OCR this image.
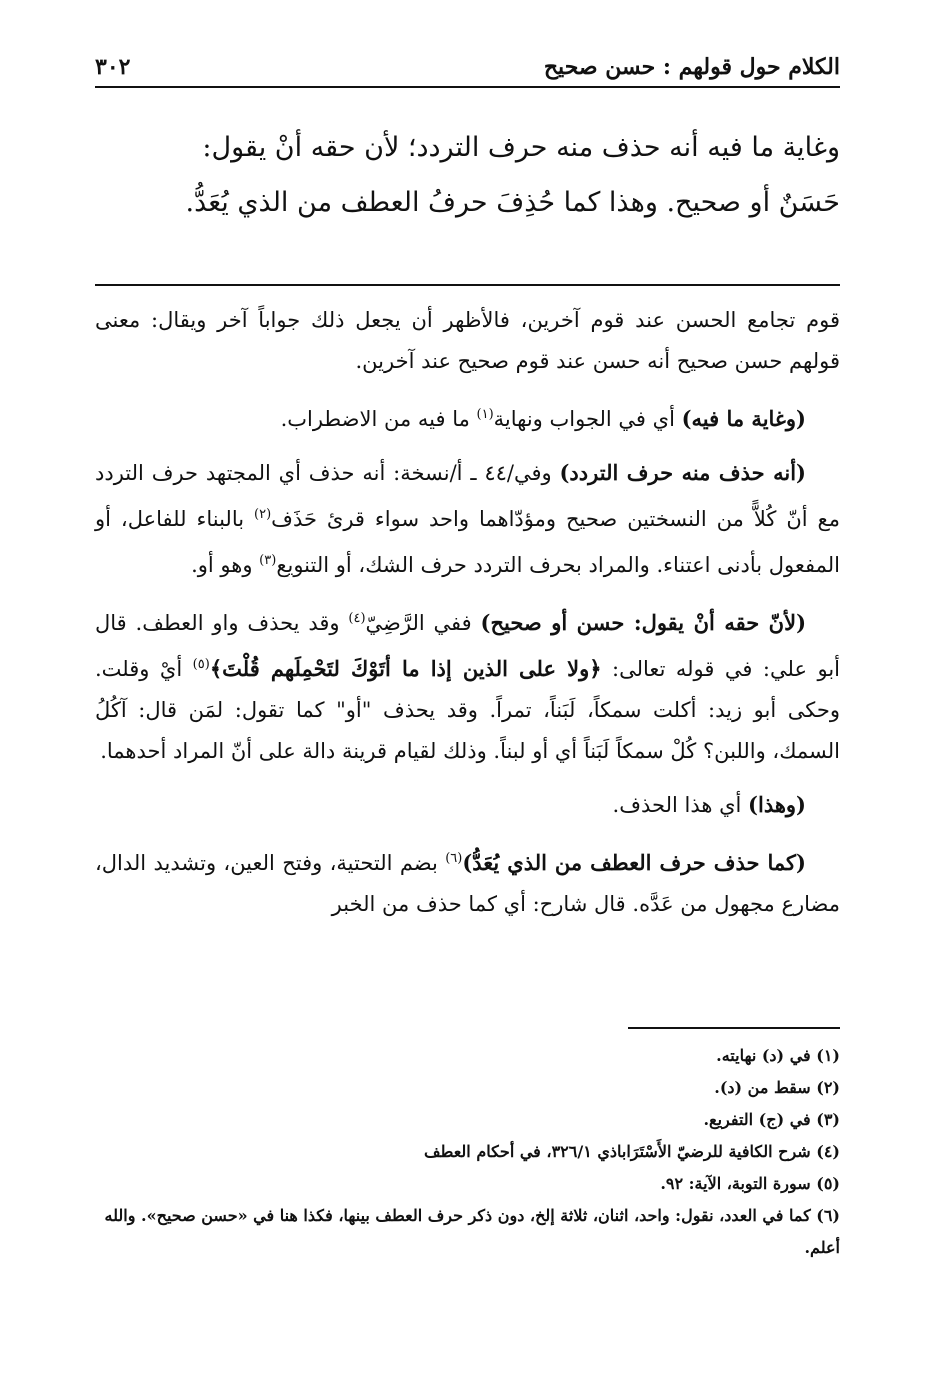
٣٠٢	الكلام حول قولهم : حسن صحيح
وغاية ما فيه أنه حذف منه حرف التردد؛ لأن حقه أنْ يقول:
حَسَنٌ أو صحيح. وهذا كما حُذِفَ حرفُ العطف من الذي يُعَدُّ.

قوم تجامع الحسن عند قوم آخرين، فالأظهر أن يجعل ذلك جواباً آخر ويقال: معنى قولهم حسن صحيح أنه حسن عند قوم صحيح عند آخرين.

(وغاية ما فيه) أي في الجواب ونهاية$^{(١)}$ ما فيه من الاضطراب.

(أنه حذف منه حرف التردد) وفي/٤٤ ـ أ/نسخة: أنه حذف أي المجتهد حرف التردد مع أنّ كُلاًّ من النسختين صحيح ومؤدّاهما واحد سواء قرئ حَذَف$^{(٢)}$ بالبناء للفاعل، أو المفعول بأدنى اعتناء. والمراد بحرف التردد حرف الشك، أو التنويع$^{(٣)}$ وهو أو.

(لأنّ حقه أنْ يقول: حسن أو صحيح) ففي الرَّضِيّ$^{(٤)}$ وقد يحذف واو العطف. قال أبو علي: في قوله تعالى: ﴿ولا على الذين إذا ما أتَوْكَ لتَحْمِلَهم قُلْتَ﴾$^{(٥)}$ أيْ وقلت. وحكى أبو زيد: أكلت سمكاً، لَبَناً، تمراً. وقد يحذف "أو" كما تقول: لمَن قال: آكُلُ السمك، واللبن؟ كُلْ سمكاً لَبَناً أي أو لبناً. وذلك لقيام قرينة دالة على أنّ المراد أحدهما.

(وهذا) أي هذا الحذف.

(كما حذف حرف العطف من الذي يُعَدُّ)$^{(٦)}$ بضم التحتية، وفتح العين، وتشديد الدال، مضارع مجهول من عَدَّه. قال شارح: أي كما حذف من الخبر

(١) في (د) نهايته.

(٢) سقط من (د).

(٣) في (ج) التفريع.

(٤) شرح الكافية للرضيّ الأَسْتَرَاباذي ٣٢٦/١، في أحكام العطف

(٥) سورة التوبة، الآية: ٩٢.

(٦) كما في العدد، نقول: واحد، اثنان، ثلاثة إلخ، دون ذكر حرف العطف بينها، فكذا هنا في «حسن صحيح». والله أعلم.
